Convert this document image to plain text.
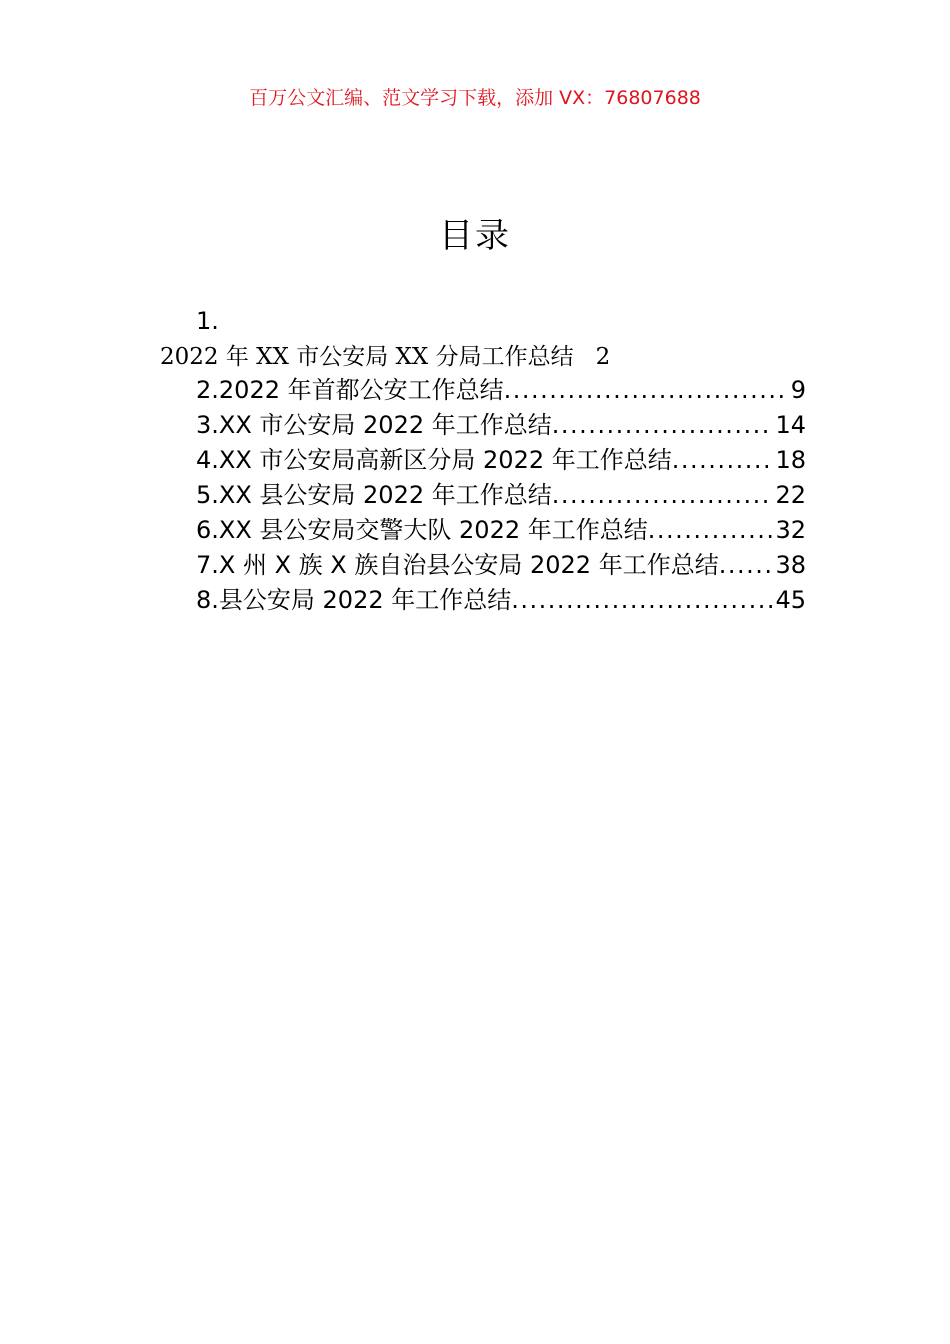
百万公文汇编、范文学习下载，添加 VX：76807688
目录
1.
2022 年 XX 市公安局 XX 分局工作总结 2
2.2022 年首都公安工作总结 .....	9
3.XX 市公安局 2022 年工作总结 .....	14
4.XX 市公安局高新区分局 2022 年工作总结 .....	18
5.XX 县公安局 2022 年工作总结 .....	22
6.XX 县公安局交警大队 2022 年工作总结 .....	32
7.X 州 X 族 X 族自治县公安局 2022 年工作总结 ..... 38
8.县公安局 2022 年工作总结 .....	45
